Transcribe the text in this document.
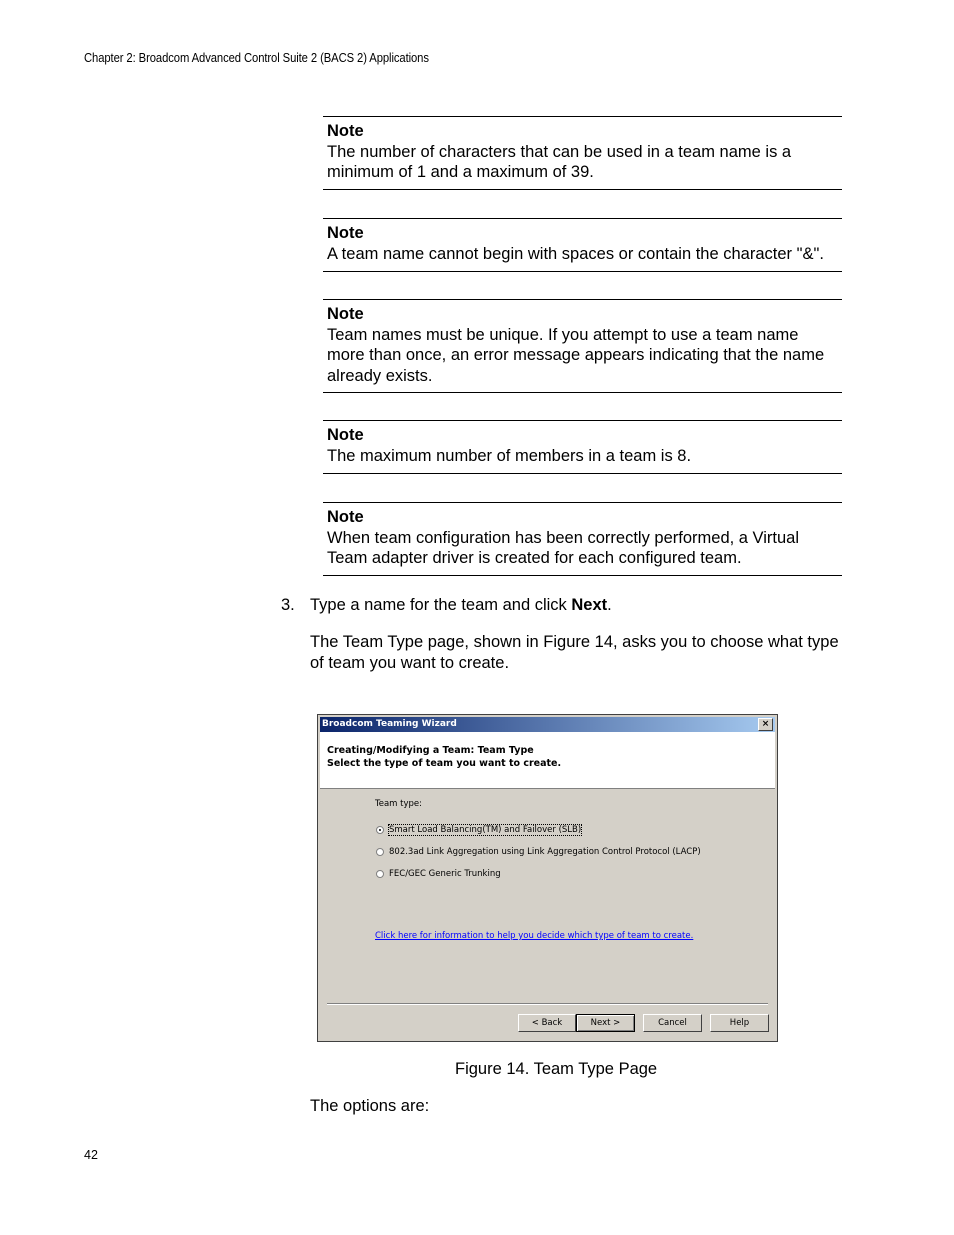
Chapter 2: Broadcom Advanced Control Suite 2 (BACS 2) Applications
Note
The number of characters that can be used in a team name is a minimum of 1 and a maximum of 39.
Note
A team name cannot begin with spaces or contain the character "&".
Note
Team names must be unique. If you attempt to use a team name more than once, an error message appears indicating that the name already exists.
Note
The maximum number of members in a team is 8.
Note
When team configuration has been correctly performed, a Virtual Team adapter driver is created for each configured team.
3. Type a name for the team and click Next.
The Team Type page, shown in Figure 14, asks you to choose what type of team you want to create.
Broadcom Teaming Wizard	×
Creating/Modifying a Team: Team Type
Select the type of team you want to create.
Team type:
Smart Load Balancing(TM) and Failover (SLB)
802.3ad Link Aggregation using Link Aggregation Control Protocol (LACP)
FEC/GEC Generic Trunking
Click here for information to help you decide which type of team to create.
< Back	Next >	Cancel	Help
Figure 14. Team Type Page
The options are:
42
